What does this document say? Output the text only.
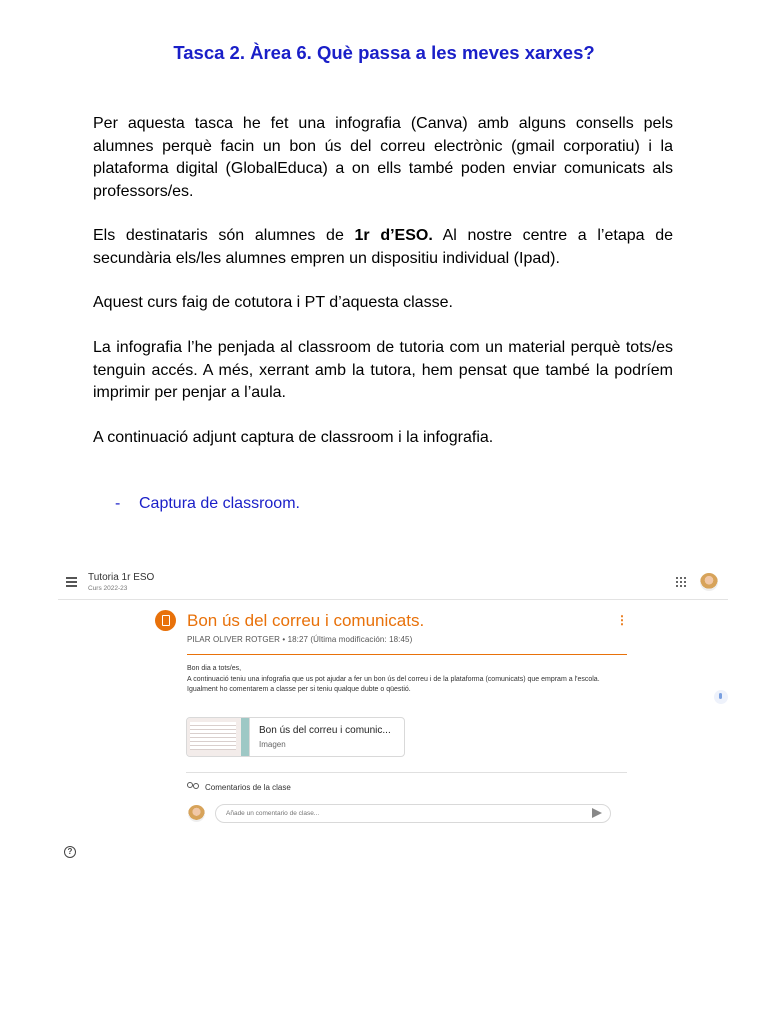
Tasca 2. Àrea 6. Què passa a les meves xarxes?

Per aquesta tasca he fet una infografia (Canva) amb alguns consells pels alumnes perquè facin un bon ús del correu electrònic (gmail corporatiu) i la plataforma digital (GlobalEduca) a on ells també poden enviar comunicats als professors/es.

Els destinataris són alumnes de 1r d’ESO. Al nostre centre a l’etapa de secundària els/les alumnes empren un dispositiu individual (Ipad).

Aquest curs faig de cotutora i PT d’aquesta classe.

La infografia l’he penjada al classroom de tutoria com un material perquè tots/es tenguin accés. A més, xerrant amb la tutora, hem pensat que també la podríem imprimir per penjar a l’aula.

A continuació adjunt captura de classroom i la infografia.

- Captura de classroom.
Tutoria 1r ESO
Curs 2022-23
Bon ús del correu i comunicats.	⋮
PILAR OLIVER ROTGER • 18:27 (Última modificación: 18:45)

Bon dia a tots/es,

A continuació teniu una infografia que us pot ajudar a fer un bon ús del correu i de la plataforma (comunicats) que empram a l'escola.

Igualment ho comentarem a classe per si teniu qualque dubte o qüestió.

Bon ús del correu i comunic...
Imagen
Comentarios de la clase
Añade un comentario de clase...
?
